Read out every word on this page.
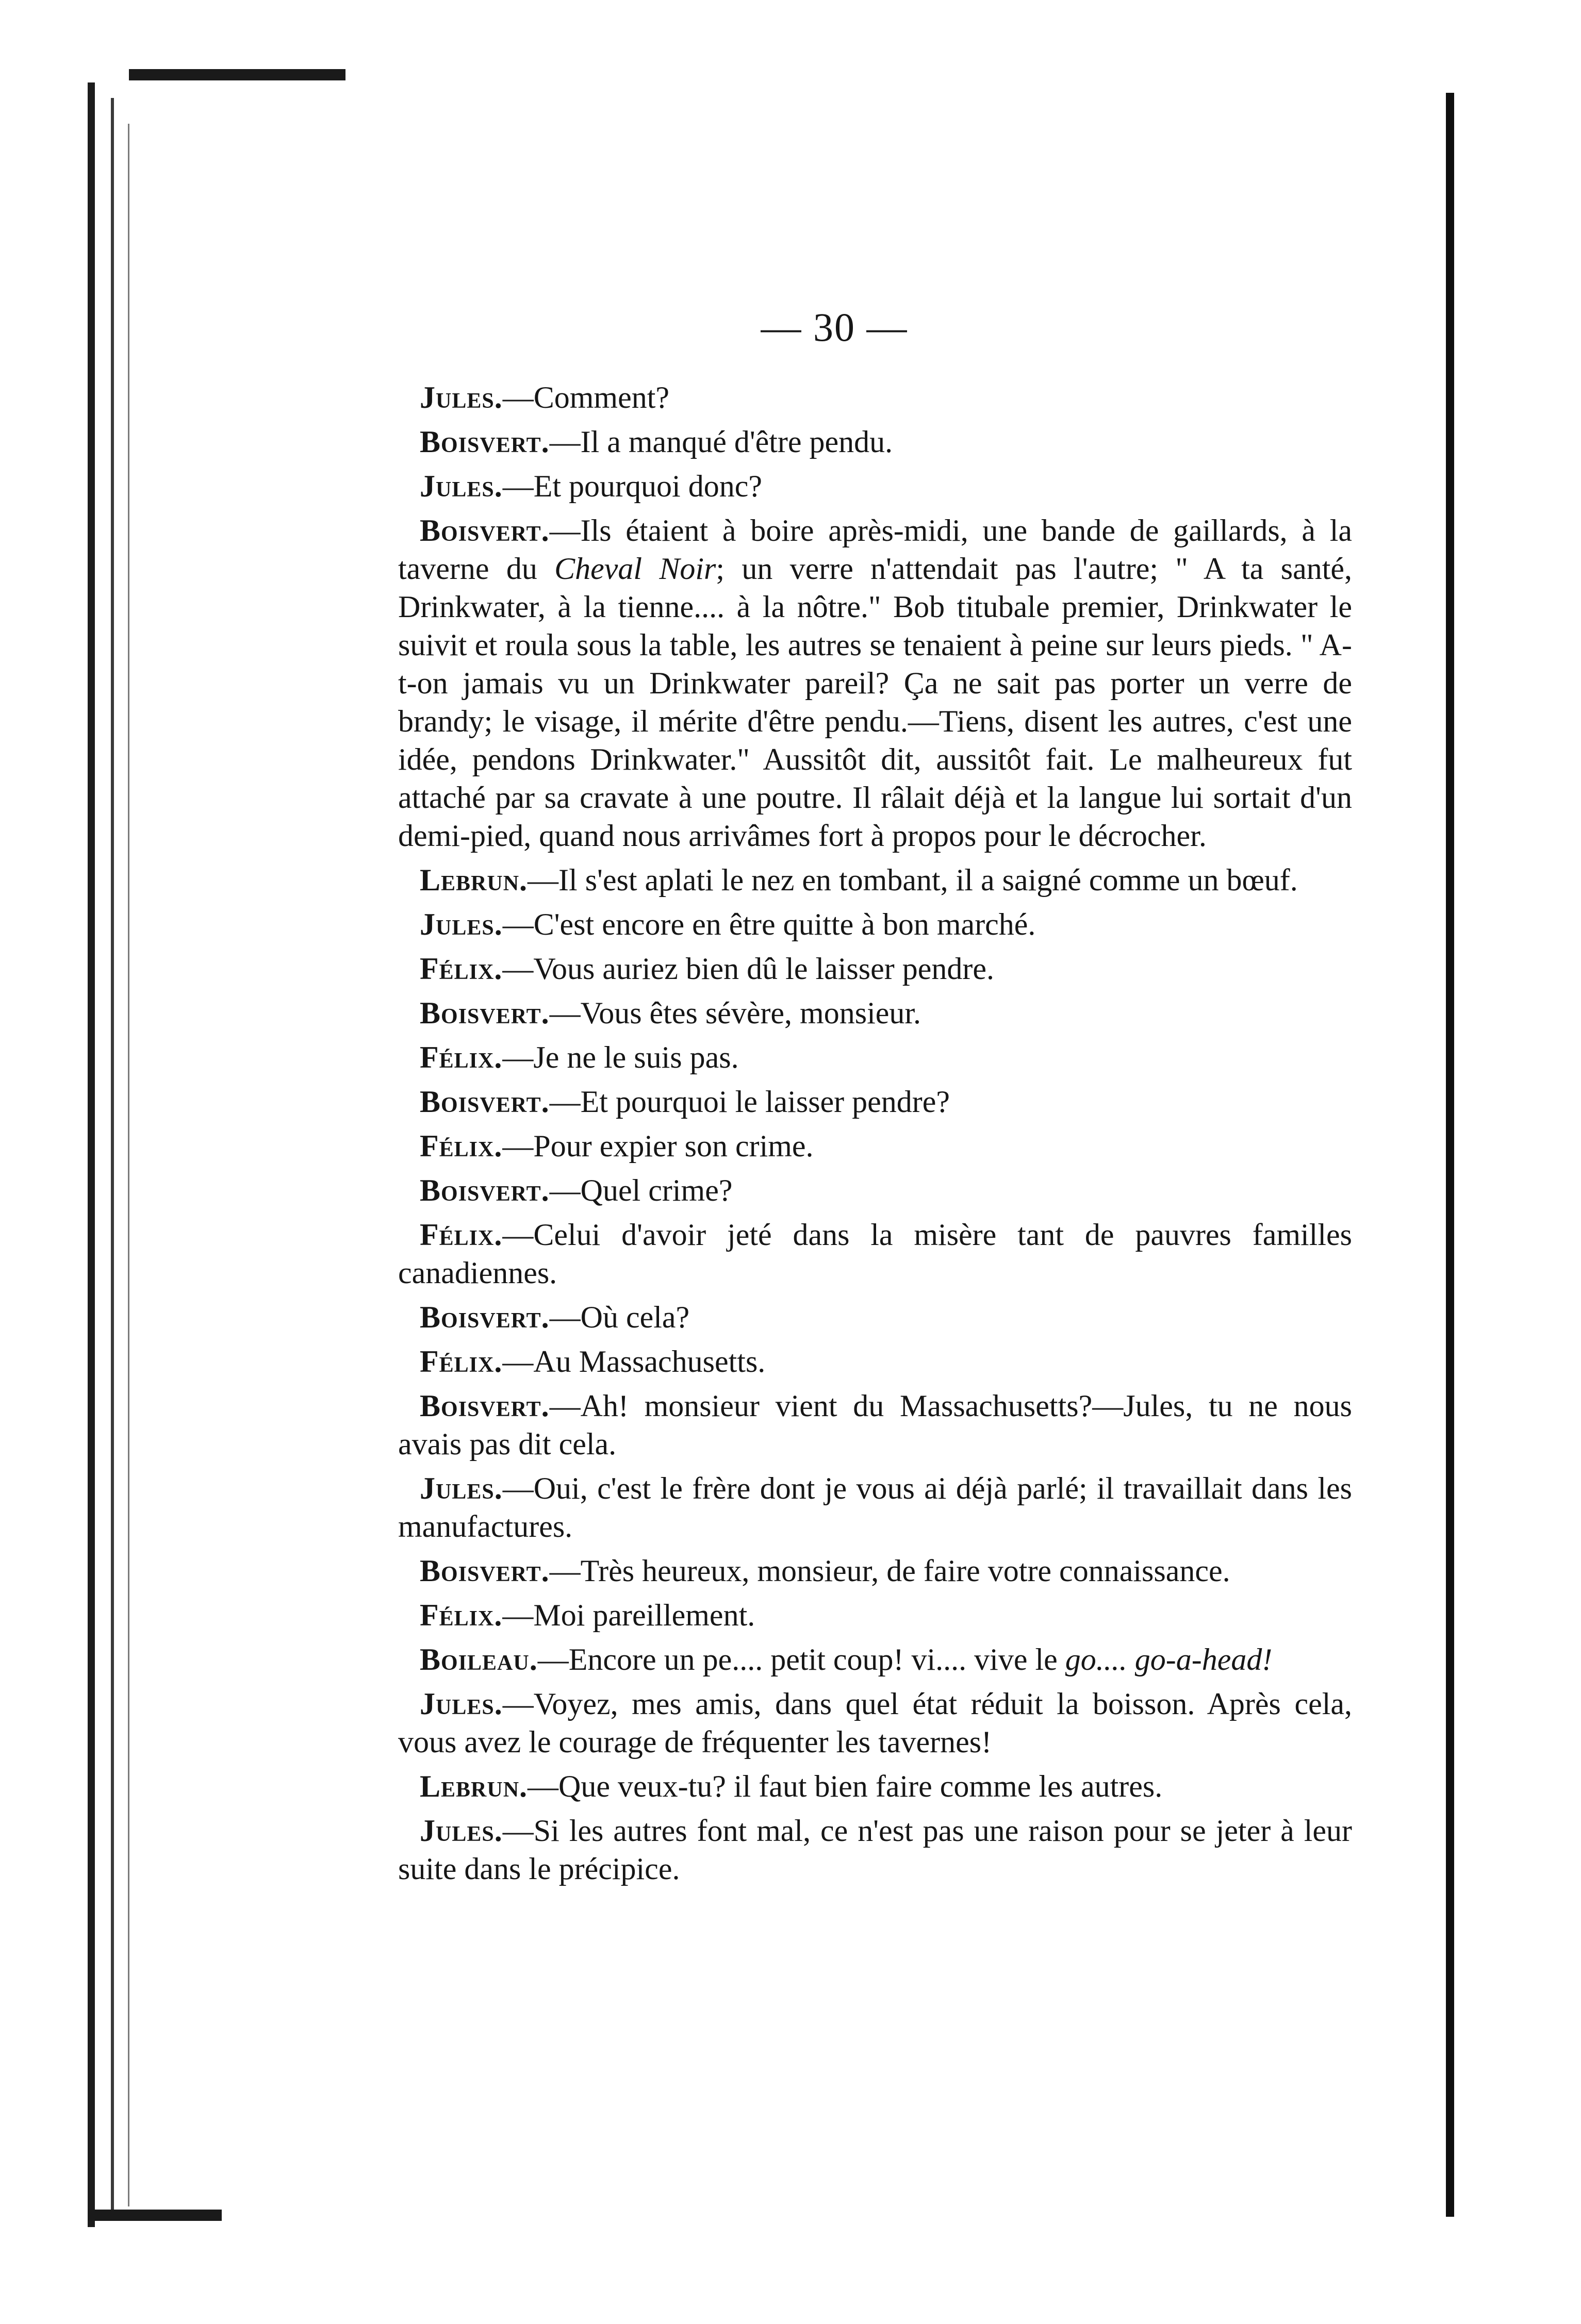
— 30 —

Jules.—Comment?

Boisvert.—Il a manqué d'être pendu.

Jules.—Et pourquoi donc?

Boisvert.—Ils étaient à boire après-midi, une bande de gaillards, à la taverne du Cheval Noir; un verre n'attendait pas l'autre; " A ta santé, Drinkwater, à la tienne.... à la nôtre." Bob titubale premier, Drinkwater le suivit et roula sous la table, les autres se tenaient à peine sur leurs pieds. " A-t-on jamais vu un Drinkwater pareil? Ça ne sait pas porter un verre de brandy; le visage, il mérite d'être pendu.—Tiens, disent les autres, c'est une idée, pendons Drinkwater." Aussitôt dit, aussitôt fait. Le malheureux fut attaché par sa cravate à une poutre. Il râlait déjà et la langue lui sortait d'un demi-pied, quand nous arrivâmes fort à propos pour le décrocher.

Lebrun.—Il s'est aplati le nez en tombant, il a saigné comme un bœuf.

Jules.—C'est encore en être quitte à bon marché.

Félix.—Vous auriez bien dû le laisser pendre.

Boisvert.—Vous êtes sévère, monsieur.

Félix.—Je ne le suis pas.

Boisvert.—Et pourquoi le laisser pendre?

Félix.—Pour expier son crime.

Boisvert.—Quel crime?

Félix.—Celui d'avoir jeté dans la misère tant de pauvres familles canadiennes.

Boisvert.—Où cela?

Félix.—Au Massachusetts.

Boisvert.—Ah! monsieur vient du Massachusetts?—Jules, tu ne nous avais pas dit cela.

Jules.—Oui, c'est le frère dont je vous ai déjà parlé; il travaillait dans les manufactures.

Boisvert.—Très heureux, monsieur, de faire votre connaissance.

Félix.—Moi pareillement.

Boileau.—Encore un pe.... petit coup! vi.... vive le go.... go-a-head!

Jules.—Voyez, mes amis, dans quel état réduit la boisson. Après cela, vous avez le courage de fréquenter les tavernes!

Lebrun.—Que veux-tu? il faut bien faire comme les autres.

Jules.—Si les autres font mal, ce n'est pas une raison pour se jeter à leur suite dans le précipice.
